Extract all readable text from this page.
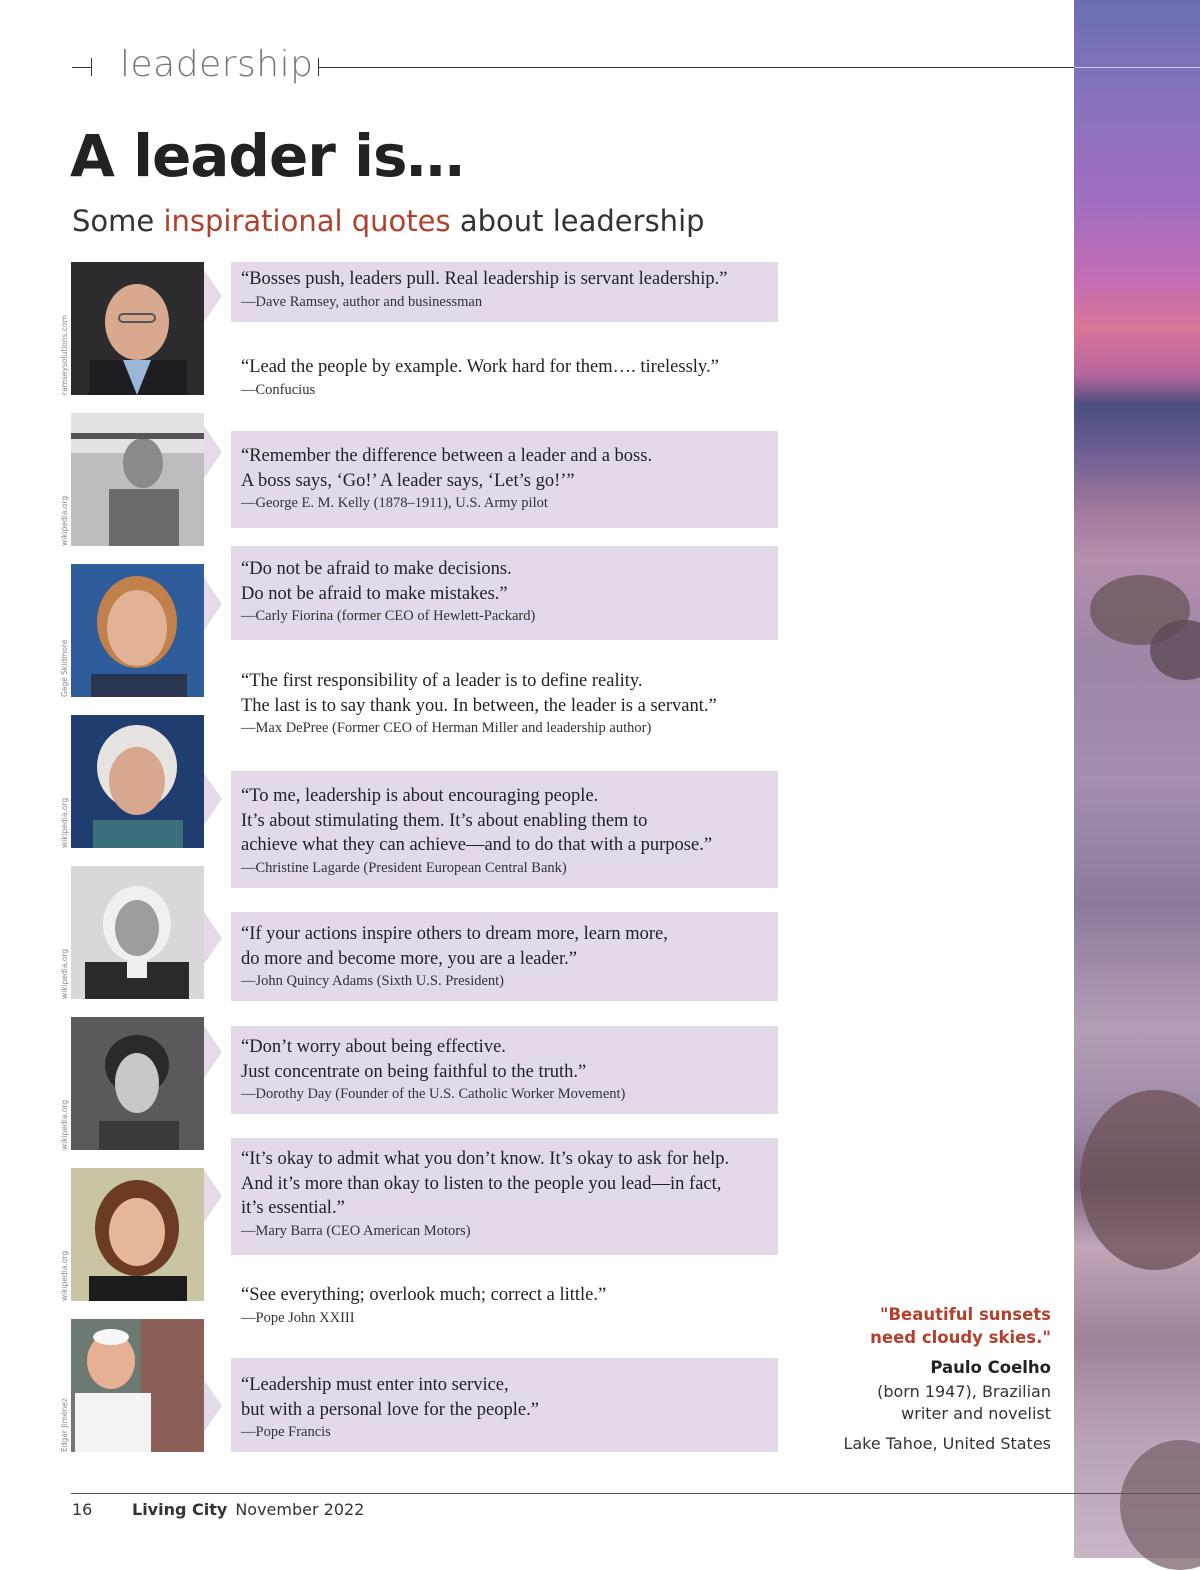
leadership
A leader is…
Some inspirational quotes about leadership
ramseysolutions.com
wikipedia.org
Gage Skidmore
wikipedia.org
wikipedia.org
wikipedia.org
wikipedia.org
Edgar Jiménez

“Bosses push, leaders pull. Real leadership is servant leadership.”

—Dave Ramsey, author and businessman

“Lead the people by example. Work hard for them…. tirelessly.”

—Confucius

“Remember the difference between a leader and a boss.
A boss says, ‘Go!’ A leader says, ‘Let’s go!’”

—George E. M. Kelly (1878–1911), U.S. Army pilot

“Do not be afraid to make decisions.
Do not be afraid to make mistakes.”

—Carly Fiorina (former CEO of Hewlett-Packard)

“The first responsibility of a leader is to define reality.
The last is to say thank you. In between, the leader is a servant.”

—Max DePree (Former CEO of Herman Miller and leadership author)

“To me, leadership is about encouraging people.
It’s about stimulating them. It’s about enabling them to
achieve what they can achieve—and to do that with a purpose.”

—Christine Lagarde (President European Central Bank)

“If your actions inspire others to dream more, learn more,
do more and become more, you are a leader.”

—John Quincy Adams (Sixth U.S. President)

“Don’t worry about being effective.
Just concentrate on being faithful to the truth.”

—Dorothy Day (Founder of the U.S. Catholic Worker Movement)

“It’s okay to admit what you don’t know. It’s okay to ask for help.
And it’s more than okay to listen to the people you lead—in fact,
it’s essential.”

—Mary Barra (CEO American Motors)

“See everything; overlook much; correct a little.”

—Pope John XXIII

“Leadership must enter into service,
but with a personal love for the people.”

—Pope Francis

"Beautiful sunsets
need cloudy skies."
Paulo Coelho
(born 1947), Brazilian
writer and novelist
Lake Tahoe, United States
16 Living City November 2022
